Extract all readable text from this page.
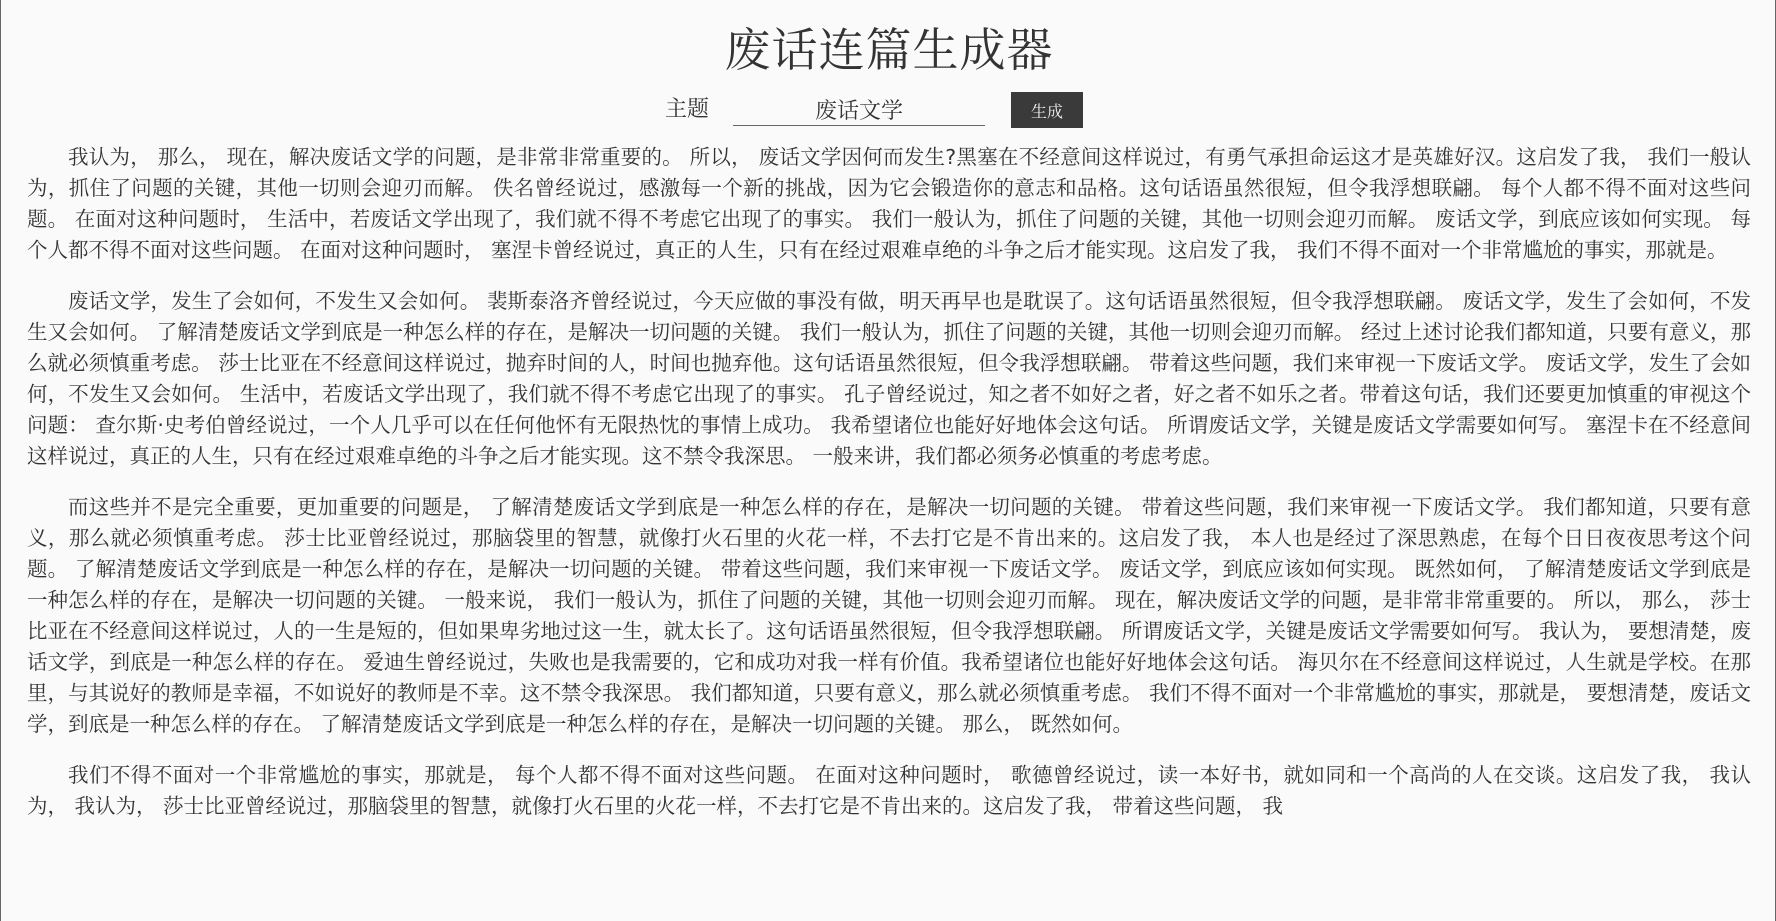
废话连篇生成器
主题
废话文学	生成

我认为， 那么， 现在，解决废话文学的问题，是非常非常重要的。 所以， 废话文学因何而发生?黑塞在不经意间这样说过，有勇气承担命运这才是英雄好汉。这启发了我， 我们一般认为，抓住了问题的关键，其他一切则会迎刃而解。 佚名曾经说过，感激每一个新的挑战，因为它会锻造你的意志和品格。这句话语虽然很短，但令我浮想联翩。 每个人都不得不面对这些问题。 在面对这种问题时， 生活中，若废话文学出现了，我们就不得不考虑它出现了的事实。 我们一般认为，抓住了问题的关键，其他一切则会迎刃而解。 废话文学，到底应该如何实现。 每个人都不得不面对这些问题。 在面对这种问题时， 塞涅卡曾经说过，真正的人生，只有在经过艰难卓绝的斗争之后才能实现。这启发了我， 我们不得不面对一个非常尴尬的事实，那就是。

废话文学，发生了会如何，不发生又会如何。 裴斯泰洛齐曾经说过，今天应做的事没有做，明天再早也是耽误了。这句话语虽然很短，但令我浮想联翩。 废话文学，发生了会如何，不发生又会如何。 了解清楚废话文学到底是一种怎么样的存在，是解决一切问题的关键。 我们一般认为，抓住了问题的关键，其他一切则会迎刃而解。 经过上述讨论我们都知道，只要有意义，那么就必须慎重考虑。 莎士比亚在不经意间这样说过，抛弃时间的人，时间也抛弃他。这句话语虽然很短，但令我浮想联翩。 带着这些问题，我们来审视一下废话文学。 废话文学，发生了会如何，不发生又会如何。 生活中，若废话文学出现了，我们就不得不考虑它出现了的事实。 孔子曾经说过，知之者不如好之者，好之者不如乐之者。带着这句话，我们还要更加慎重的审视这个问题： 查尔斯·史考伯曾经说过，一个人几乎可以在任何他怀有无限热忱的事情上成功。 我希望诸位也能好好地体会这句话。 所谓废话文学，关键是废话文学需要如何写。 塞涅卡在不经意间这样说过，真正的人生，只有在经过艰难卓绝的斗争之后才能实现。这不禁令我深思。 一般来讲，我们都必须务必慎重的考虑考虑。

而这些并不是完全重要，更加重要的问题是， 了解清楚废话文学到底是一种怎么样的存在，是解决一切问题的关键。 带着这些问题，我们来审视一下废话文学。 我们都知道，只要有意义，那么就必须慎重考虑。 莎士比亚曾经说过，那脑袋里的智慧，就像打火石里的火花一样，不去打它是不肯出来的。这启发了我， 本人也是经过了深思熟虑，在每个日日夜夜思考这个问题。 了解清楚废话文学到底是一种怎么样的存在，是解决一切问题的关键。 带着这些问题，我们来审视一下废话文学。 废话文学，到底应该如何实现。 既然如何， 了解清楚废话文学到底是一种怎么样的存在，是解决一切问题的关键。 一般来说， 我们一般认为，抓住了问题的关键，其他一切则会迎刃而解。 现在，解决废话文学的问题，是非常非常重要的。 所以， 那么， 莎士比亚在不经意间这样说过，人的一生是短的，但如果卑劣地过这一生，就太长了。这句话语虽然很短，但令我浮想联翩。 所谓废话文学，关键是废话文学需要如何写。 我认为， 要想清楚，废话文学，到底是一种怎么样的存在。 爱迪生曾经说过，失败也是我需要的，它和成功对我一样有价值。我希望诸位也能好好地体会这句话。 海贝尔在不经意间这样说过，人生就是学校。在那里，与其说好的教师是幸福，不如说好的教师是不幸。这不禁令我深思。 我们都知道，只要有意义，那么就必须慎重考虑。 我们不得不面对一个非常尴尬的事实，那就是， 要想清楚，废话文学，到底是一种怎么样的存在。 了解清楚废话文学到底是一种怎么样的存在，是解决一切问题的关键。 那么， 既然如何。

我们不得不面对一个非常尴尬的事实，那就是， 每个人都不得不面对这些问题。 在面对这种问题时， 歌德曾经说过，读一本好书，就如同和一个高尚的人在交谈。这启发了我， 我认为， 我认为， 莎士比亚曾经说过，那脑袋里的智慧，就像打火石里的火花一样，不去打它是不肯出来的。这启发了我， 带着这些问题， 我
